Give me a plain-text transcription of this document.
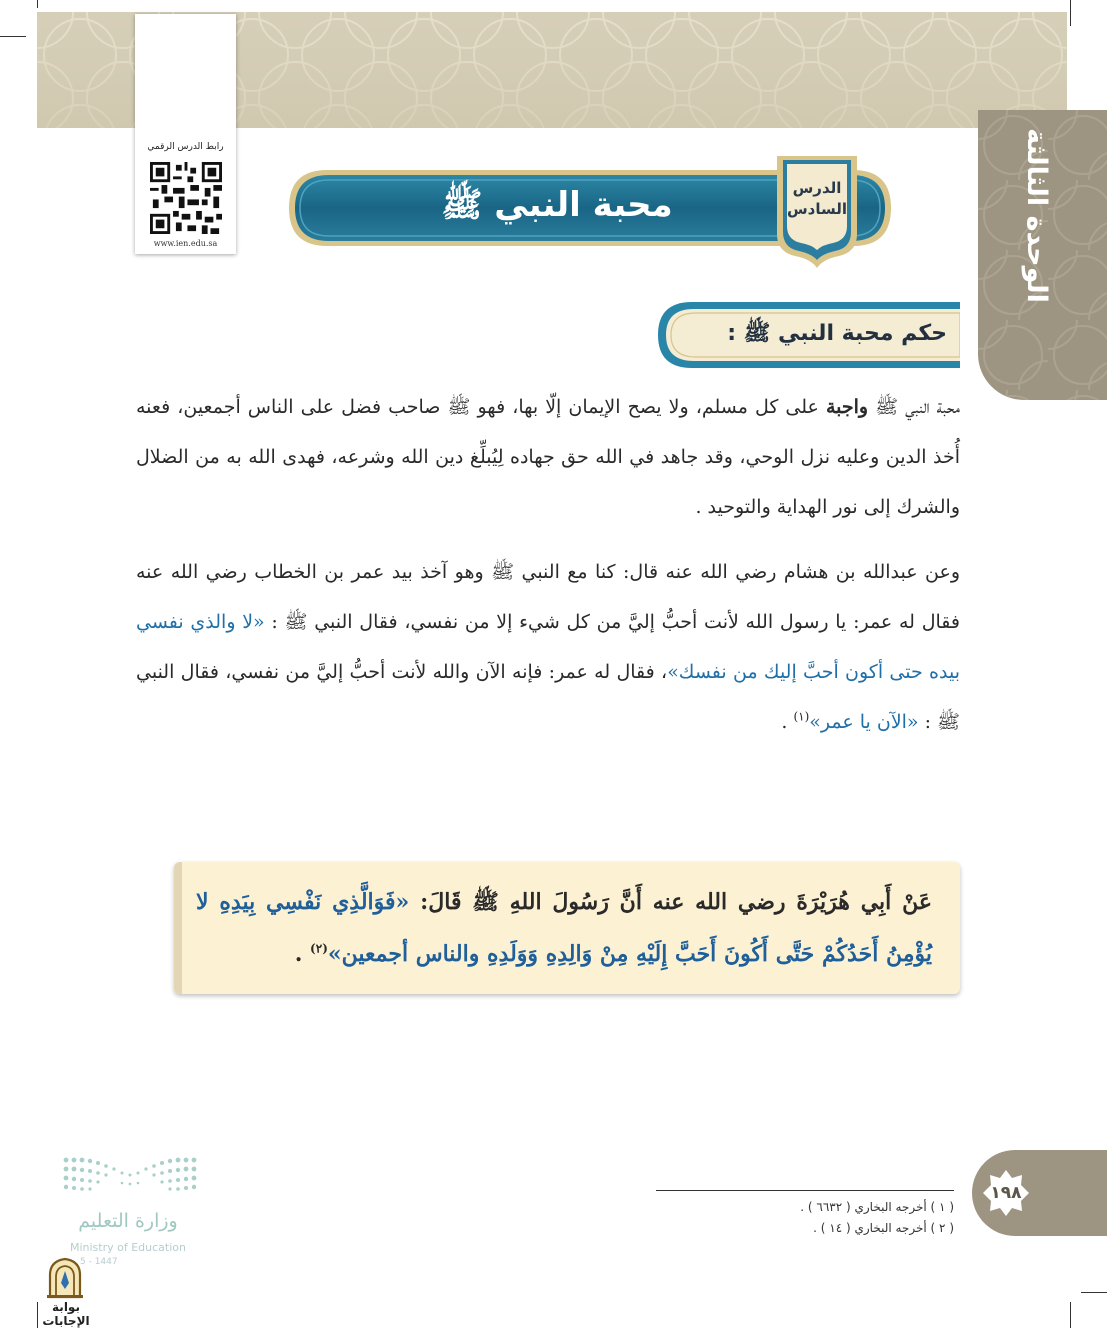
الوحدة الثالثة
رابط الدرس الرقمي
www.ien.edu.sa
محبة النبي ﷺ	الدرس
السادس
حكم محبة النبي ﷺ :
محبة النبي ﷺ واجبة على كل مسلم، ولا يصح الإيمان إلّا بها، فهو ﷺ صاحب فضل على الناس أجمعين، فعنه أُخذ الدين وعليه نزل الوحي، وقد جاهد في الله حق جهاده لِيُبلِّغ دين الله وشرعه، فهدى الله به من الضلال والشرك إلى نور الهداية والتوحيد .
وعن عبدالله بن هشام رضي الله عنه قال: كنا مع النبي ﷺ وهو آخذ بيد عمر بن الخطاب رضي الله عنه فقال له عمر: يا رسول الله لأنت أحبُّ إليَّ من كل شيء إلا من نفسي، فقال النبي ﷺ : «لا والذي نفسي بيده حتى أكون أحبَّ إليك من نفسك»، فقال له عمر: فإنه الآن والله لأنت أحبُّ إليَّ من نفسي، فقال النبي ﷺ : «الآن يا عمر»$^{(١)}$ .
عَنْ أَبِي هُرَيْرَةَ رضي الله عنه أَنَّ رَسُولَ اللهِ ﷺ قَالَ: «فَوَالَّذِي نَفْسِي بِيَدِهِ لا يُؤْمِنُ أَحَدُكُمْ حَتَّى أَكُونَ أَحَبَّ إِلَيْهِ مِنْ وَالِدِهِ وَوَلَدِهِ والناس أجمعين»$^{(٢)}$ .
١٩٨
( ١ ) أخرجه البخاري ( ٦٦٣٢ ) .
( ٢ ) أخرجه البخاري ( ١٤ ) .
وزارة التعليم
Ministry of Education
5 - 1447
بوابة الإجابات
